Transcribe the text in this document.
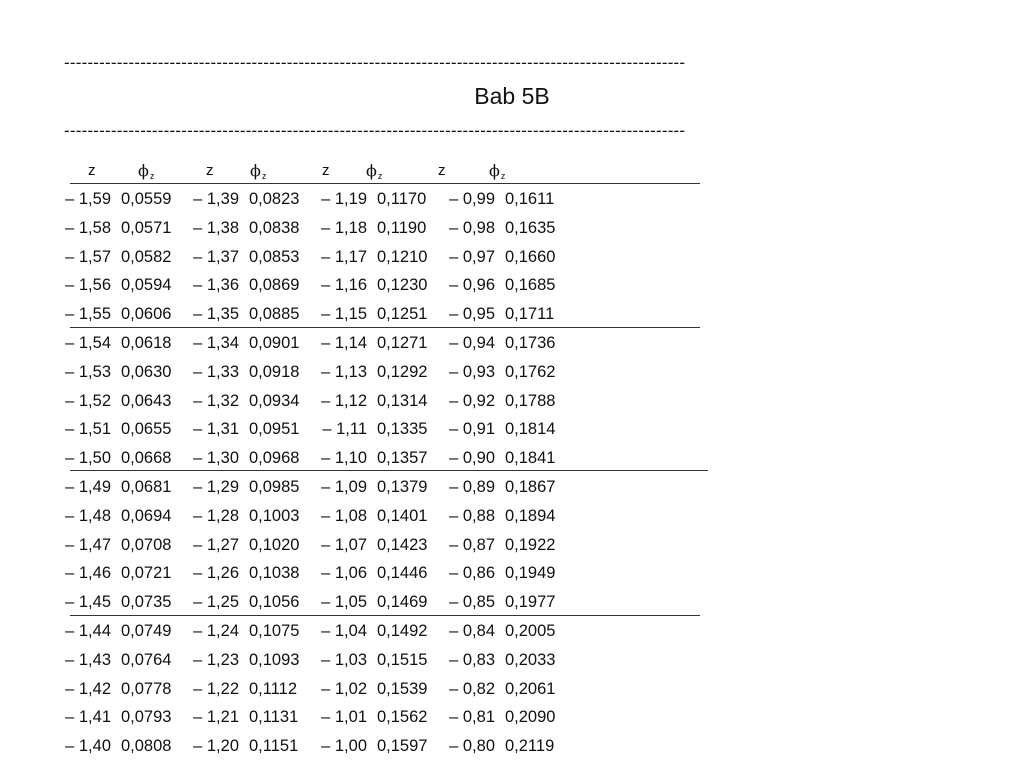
----------------------------------------------------------------------------------------------------------
Bab 5B
----------------------------------------------------------------------------------------------------------
z	$\phi_z$	z $\phi_z$	z $\phi_z$	z	$\phi_z$
– 1,59 0,0559 – 1,39 0,0823 – 1,19 0,1170 – 0,99 0,1611
– 1,58 0,0571 – 1,38 0,0838 – 1,18 0,1190 – 0,98 0,1635
– 1,57 0,0582 – 1,37 0,0853 – 1,17 0,1210 – 0,97 0,1660
– 1,56 0,0594 – 1,36 0,0869 – 1,16 0,1230 – 0,96 0,1685
– 1,55 0,0606 – 1,35 0,0885 – 1,15 0,1251 – 0,95 0,1711
– 1,54 0,0618 – 1,34 0,0901 – 1,14 0,1271 – 0,94 0,1736
– 1,53 0,0630 – 1,33 0,0918 – 1,13 0,1292 – 0,93 0,1762
– 1,52 0,0643 – 1,32 0,0934 – 1,12 0,1314 – 0,92 0,1788
– 1,51 0,0655 – 1,31 0,0951 – 1,11 0,1335 – 0,91 0,1814
– 1,50 0,0668 – 1,30 0,0968 – 1,10 0,1357 – 0,90 0,1841
– 1,49 0,0681 – 1,29 0,0985 – 1,09 0,1379 – 0,89 0,1867
– 1,48 0,0694 – 1,28 0,1003 – 1,08 0,1401 – 0,88 0,1894
– 1,47 0,0708 – 1,27 0,1020 – 1,07 0,1423 – 0,87 0,1922
– 1,46 0,0721 – 1,26 0,1038 – 1,06 0,1446 – 0,86 0,1949
– 1,45 0,0735 – 1,25 0,1056 – 1,05 0,1469 – 0,85 0,1977
– 1,44 0,0749 – 1,24 0,1075 – 1,04 0,1492 – 0,84 0,2005
– 1,43 0,0764 – 1,23 0,1093 – 1,03 0,1515 – 0,83 0,2033
– 1,42 0,0778 – 1,22 0,1112 – 1,02 0,1539 – 0,82 0,2061
– 1,41 0,0793 – 1,21 0,1131 – 1,01 0,1562 – 0,81 0,2090
– 1,40 0,0808 – 1,20 0,1151 – 1,00 0,1597 – 0,80 0,2119
